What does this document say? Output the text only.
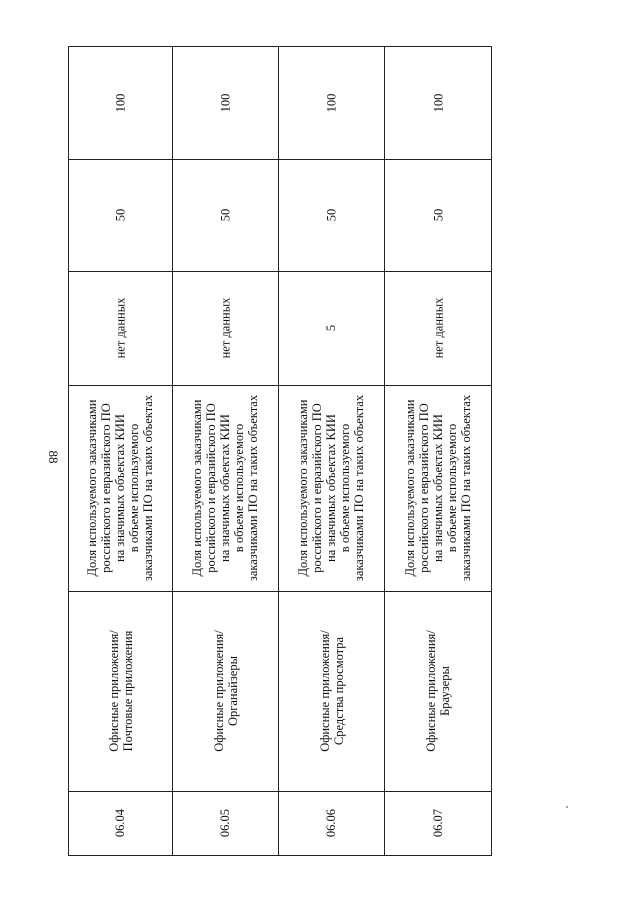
88
06.04
Офисные приложения/ Почтовые приложения
Доля используемого заказчиками российского и евразийского ПО на значимых объектах КИИ в объеме используемого заказчиками ПО на таких объектах
нет данных
50
100
06.05
Офисные приложения/ Органайзеры
Доля используемого заказчиками российского и евразийского ПО на значимых объектах КИИ в объеме используемого заказчиками ПО на таких объектах
нет данных
50
100
06.06
Офисные приложения/ Средства просмотра
Доля используемого заказчиками российского и евразийского ПО на значимых объектах КИИ в объеме используемого заказчиками ПО на таких объектах
5
50
100
06.07
Офисные приложения/ Браузеры
Доля используемого заказчиками российского и евразийского ПО на значимых объектах КИИ в объеме используемого заказчиками ПО на таких объектах
нет данных
50
100
